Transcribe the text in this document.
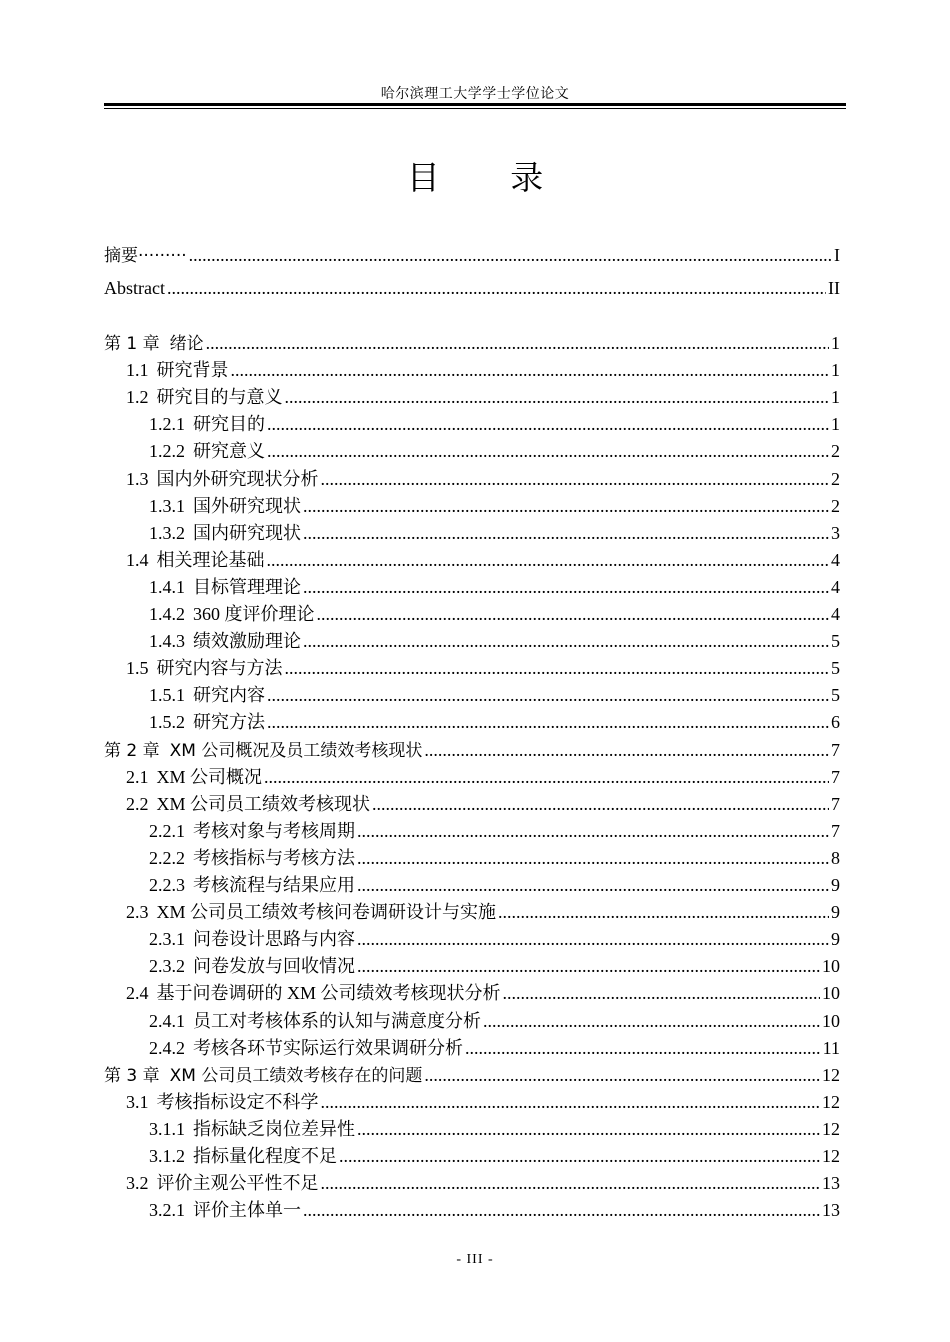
哈尔滨理工大学学士学位论文
目 录
摘要········· .....	I
Abstract .....	II
第 1 章 绪论 .....	1
1.1 研究背景 .....	1
1.2 研究目的与意义 .....	1
1.2.1 研究目的 .....	1
1.2.2 研究意义 .....	2
1.3 国内外研究现状分析 .....	2
1.3.1 国外研究现状 .....	2
1.3.2 国内研究现状 .....	3
1.4 相关理论基础 .....	4
1.4.1 目标管理理论 .....	4
1.4.2 360 度评价理论 .....	4
1.4.3 绩效激励理论 .....	5
1.5 研究内容与方法 .....	5
1.5.1 研究内容 .....	5
1.5.2 研究方法 .....	6
第 2 章 XM 公司概况及员工绩效考核现状 .....	7
2.1 XM 公司概况 .....	7
2.2 XM 公司员工绩效考核现状 .....	7
2.2.1 考核对象与考核周期 .....	7
2.2.2 考核指标与考核方法 .....	8
2.2.3 考核流程与结果应用 .....	9
2.3 XM 公司员工绩效考核问卷调研设计与实施 .....	9
2.3.1 问卷设计思路与内容 .....	9
2.3.2 问卷发放与回收情况 .....	10
2.4 基于问卷调研的 XM 公司绩效考核现状分析 .....	10
2.4.1 员工对考核体系的认知与满意度分析 .....	10
2.4.2 考核各环节实际运行效果调研分析 .....	11
第 3 章 XM 公司员工绩效考核存在的问题 .....	12
3.1 考核指标设定不科学 .....	12
3.1.1 指标缺乏岗位差异性 .....	12
3.1.2 指标量化程度不足 .....	12
3.2 评价主观公平性不足 .....	13
3.2.1 评价主体单一 .....	13
- III -
